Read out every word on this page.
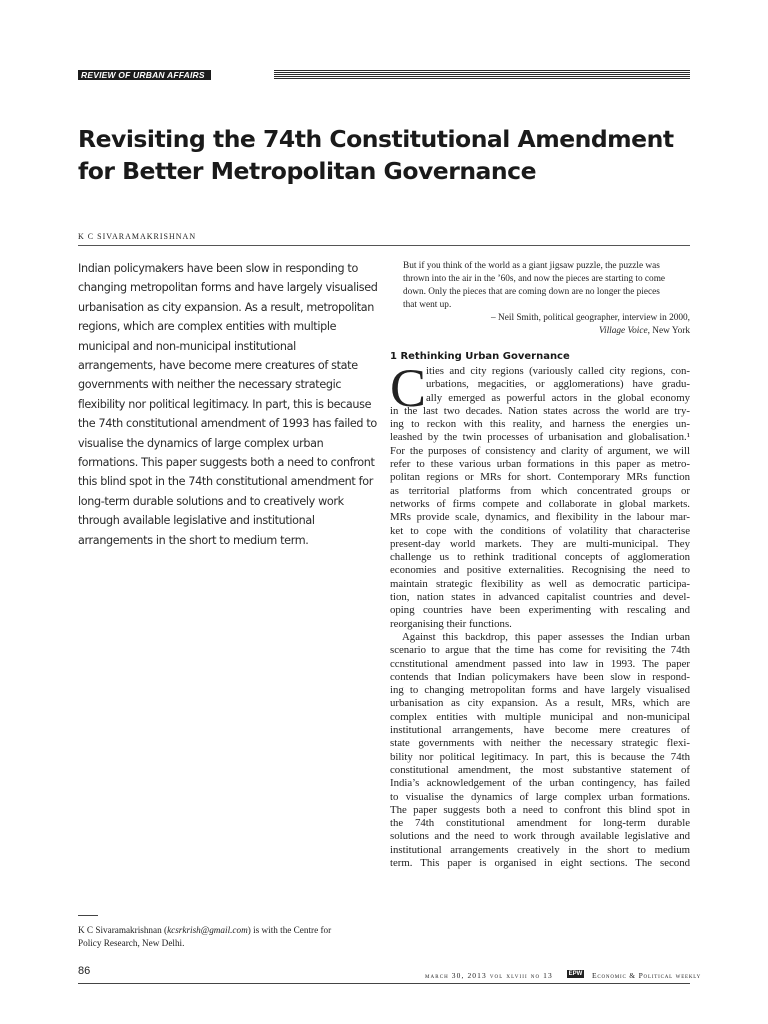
REVIEW OF URBAN AFFAIRS
Revisiting the 74th Constitutional Amendment
for Better Metropolitan Governance
K C SIVARAMAKRISHNAN
Indian policymakers have been slow in responding to
changing metropolitan forms and have largely visualised
urbanisation as city expansion. As a result, metropolitan
regions, which are complex entities with multiple
municipal and non-municipal institutional
arrangements, have become mere creatures of state
governments with neither the necessary strategic
flexibility nor political legitimacy. In part, this is because
the 74th constitutional amendment of 1993 has failed to
visualise the dynamics of large complex urban
formations. This paper suggests both a need to confront
this blind spot in the 74th constitutional amendment for
long-term durable solutions and to creatively work
through available legislative and institutional
arrangements in the short to medium term.
K C Sivaramakrishnan (kcsrkrish@gmail.com) is with the Centre for
Policy Research, New Delhi.
86
But if you think of the world as a giant jigsaw puzzle, the puzzle was
thrown into the air in the ’60s, and now the pieces are starting to come
down. Only the pieces that are coming down are no longer the pieces
that went up.
– Neil Smith, political geographer, interview in 2000,
Village Voice, New York
1 Rethinking Urban Governance
C ities and city regions (variously called city regions, con-
urbations, megacities, or agglomerations) have gradu-
ally emerged as powerful actors in the global economy
in the last two decades. Nation states across the world are try-
ing to reckon with this reality, and harness the energies un-
leashed by the twin processes of urbanisation and globalisation.¹
For the purposes of consistency and clarity of argument, we will
refer to these various urban formations in this paper as metro-
politan regions or MRs for short. Contemporary MRs function
as territorial platforms from which concentrated groups or
networks of firms compete and collaborate in global markets.
MRs provide scale, dynamics, and flexibility in the labour mar-
ket to cope with the conditions of volatility that characterise
present-day world markets. They are multi-municipal. They
challenge us to rethink traditional concepts of agglomeration
economies and positive externalities. Recognising the need to
maintain strategic flexibility as well as democratic participa-
tion, nation states in advanced capitalist countries and devel-
oping countries have been experimenting with rescaling and
reorganising their functions.
Against this backdrop, this paper assesses the Indian urban
scenario to argue that the time has come for revisiting the 74th
ccnstitutional amendment passed into law in 1993. The paper
contends that Indian policymakers have been slow in respond-
ing to changing metropolitan forms and have largely visualised
urbanisation as city expansion. As a result, MRs, which are
complex entities with multiple municipal and non-municipal
institutional arrangements, have become mere creatures of
state governments with neither the necessary strategic flexi-
bility nor political legitimacy. In part, this is because the 74th
constitutional amendment, the most substantive statement of
India’s acknowledgement of the urban contingency, has failed
to visualise the dynamics of large complex urban formations.
The paper suggests both a need to confront this blind spot in
the 74th constitutional amendment for long-term durable
solutions and the need to work through available legislative and
institutional arrangements creatively in the short to medium
term. This paper is organised in eight sections. The second
march 30, 2013 vol xlviii no 13	EPW Economic & Political weekly
